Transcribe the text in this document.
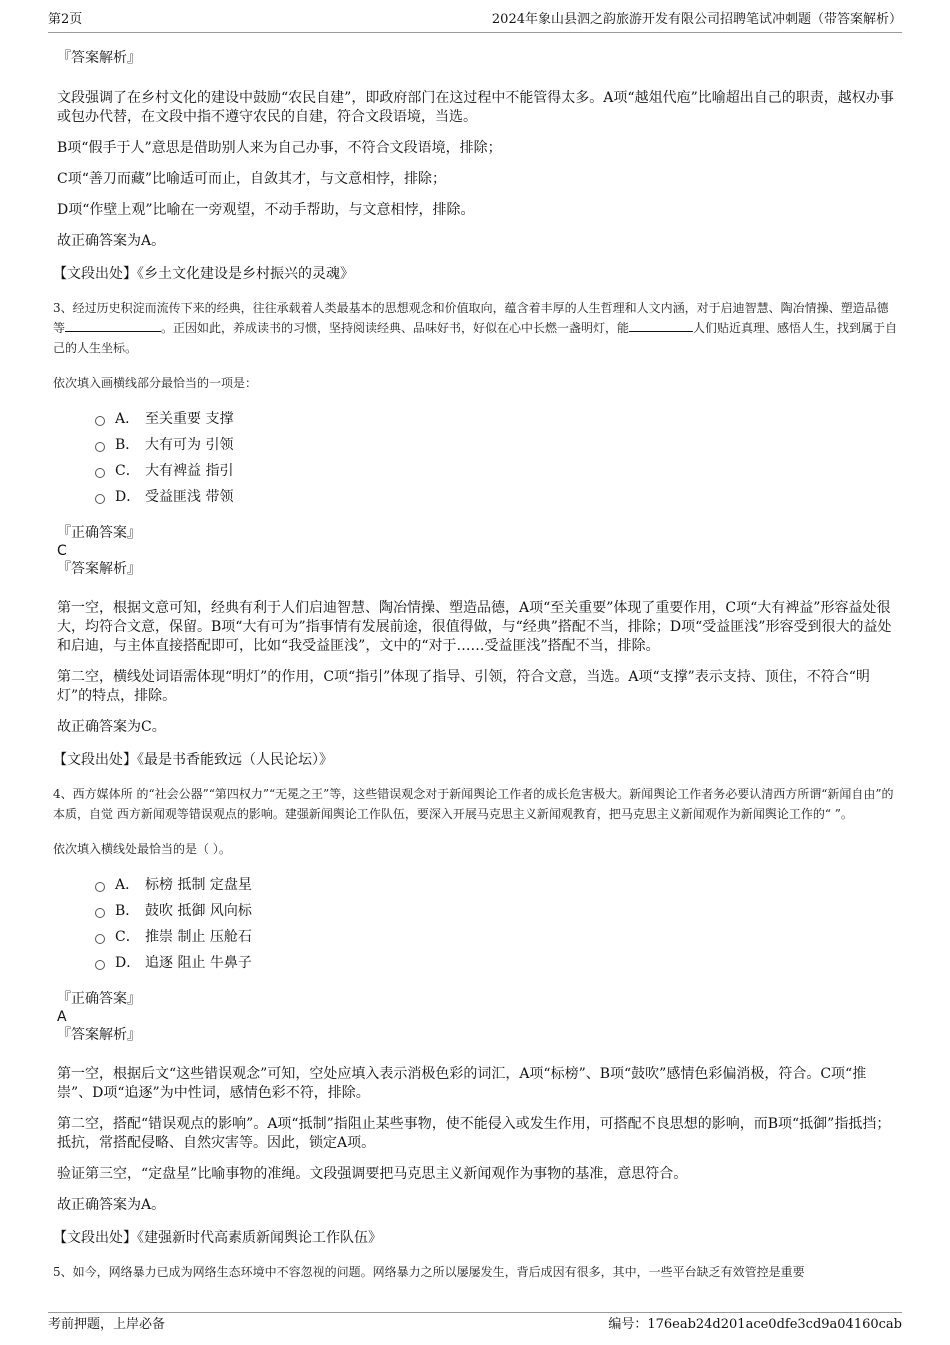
第2页	2024年象山县泗之韵旅游开发有限公司招聘笔试冲刺题（带答案解析）

『答案解析』

文段强调了在乡村文化的建设中鼓励“农民自建”，即政府部门在这过程中不能管得太多。A项“越俎代庖”比喻超出自己的职责，越权办事或包办代替，在文段中指不遵守农民的自建，符合文段语境，当选。

B项“假手于人”意思是借助别人来为自己办事，不符合文段语境，排除；

C项“善刀而藏”比喻适可而止，自敛其才，与文意相悖，排除；

D项“作壁上观”比喻在一旁观望，不动手帮助，与文意相悖，排除。

故正确答案为A。

【文段出处】《乡土文化建设是乡村振兴的灵魂》

3、经过历史积淀而流传下来的经典，往往承载着人类最基本的思想观念和价值取向，蕴含着丰厚的人生哲理和人文内涵，对于启迪智慧、陶冶情操、塑造品德等	。正因如此，养成读书的习惯，坚持阅读经典、品味好书，好似在心中长燃一盏明灯，能	人们贴近真理、感悟人生，找到属于自己的人生坐标。

依次填入画横线部分最恰当的一项是：

A． 至关重要 支撑
B． 大有可为 引领
C． 大有裨益 指引
D． 受益匪浅 带领

『正确答案』

C

『答案解析』

第一空，根据文意可知，经典有利于人们启迪智慧、陶冶情操、塑造品德，A项“至关重要”体现了重要作用，C项“大有裨益”形容益处很大，均符合文意，保留。B项“大有可为”指事情有发展前途，很值得做，与“经典”搭配不当，排除；D项“受益匪浅”形容受到很大的益处和启迪，与主体直接搭配即可，比如“我受益匪浅”，文中的“对于……受益匪浅”搭配不当，排除。

第二空，横线处词语需体现“明灯”的作用，C项“指引”体现了指导、引领，符合文意，当选。A项“支撑”表示支持、顶住，不符合“明灯”的特点，排除。

故正确答案为C。

【文段出处】《最是书香能致远（人民论坛）》

4、西方媒体所 的“社会公器”“第四权力”“无冕之王”等，这些错误观念对于新闻舆论工作者的成长危害极大。新闻舆论工作者务必要认清西方所谓“新闻自由”的本质，自觉 西方新闻观等错误观点的影响。建强新闻舆论工作队伍，要深入开展马克思主义新闻观教育，把马克思主义新闻观作为新闻舆论工作的“ ”。

依次填入横线处最恰当的是（ ）。

A． 标榜 抵制 定盘星
B． 鼓吹 抵御 风向标
C． 推崇 制止 压舱石
D． 追逐 阻止 牛鼻子

『正确答案』

A

『答案解析』

第一空，根据后文“这些错误观念”可知，空处应填入表示消极色彩的词汇，A项“标榜”、B项“鼓吹”感情色彩偏消极，符合。C项“推崇”、D项“追逐”为中性词，感情色彩不符，排除。

第二空，搭配“错误观点的影响”。A项“抵制”指阻止某些事物，使不能侵入或发生作用，可搭配不良思想的影响，而B项“抵御”指抵挡；抵抗，常搭配侵略、自然灾害等。因此，锁定A项。

验证第三空，“定盘星”比喻事物的准绳。文段强调要把马克思主义新闻观作为事物的基准，意思符合。

故正确答案为A。

【文段出处】《建强新时代高素质新闻舆论工作队伍》

5、如今，网络暴力已成为网络生态环境中不容忽视的问题。网络暴力之所以屡屡发生，背后成因有很多，其中，一些平台缺乏有效管控是重要

考前押题，上岸必备	编号：176eab24d201ace0dfe3cd9a04160cab
